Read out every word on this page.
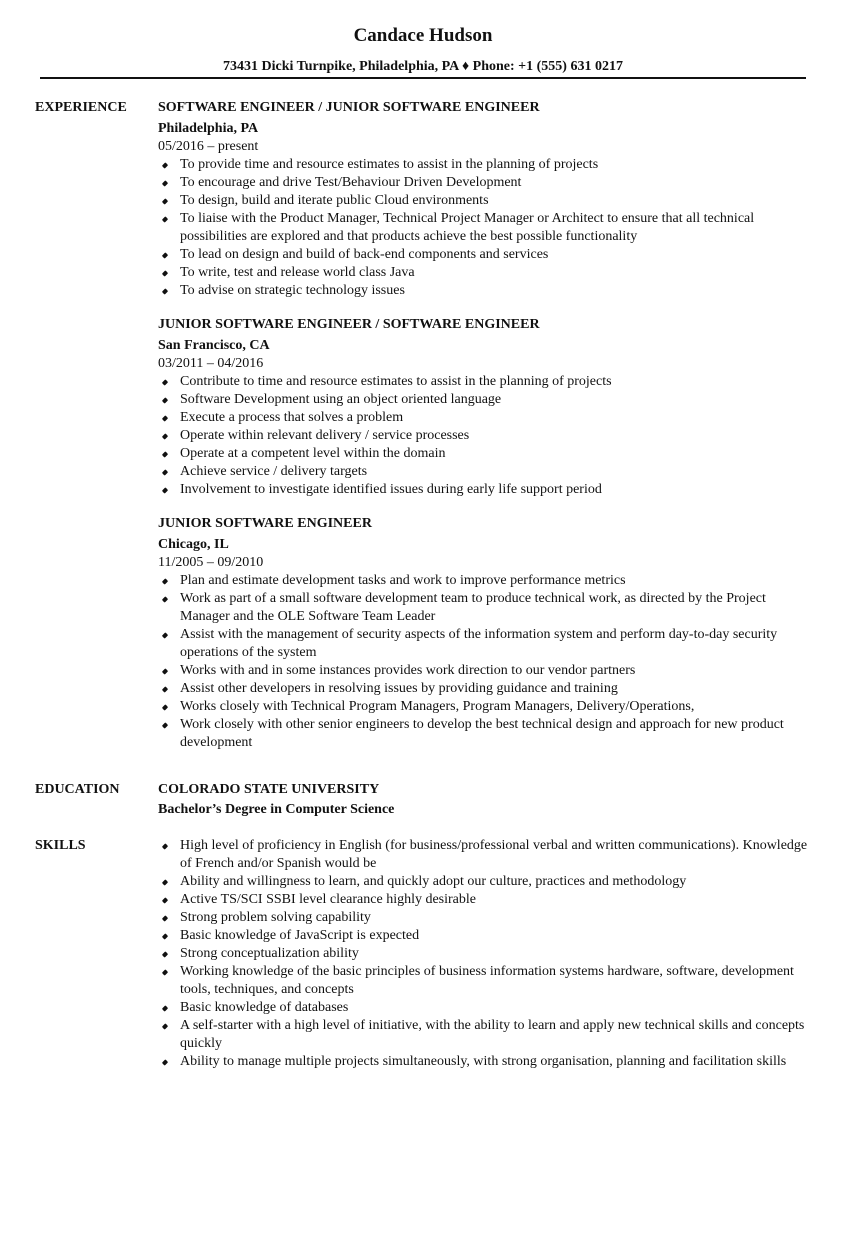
Candace Hudson
73431 Dicki Turnpike, Philadelphia, PA ♦ Phone: +1 (555) 631 0217
EXPERIENCE SOFTWARE ENGINEER / JUNIOR SOFTWARE ENGINEER
Philadelphia, PA
05/2016 – present
To provide time and resource estimates to assist in the planning of projects
To encourage and drive Test/Behaviour Driven Development
To design, build and iterate public Cloud environments
To liaise with the Product Manager, Technical Project Manager or Architect to ensure that all technical possibilities are explored and that products achieve the best possible functionality
To lead on design and build of back-end components and services
To write, test and release world class Java
To advise on strategic technology issues
JUNIOR SOFTWARE ENGINEER / SOFTWARE ENGINEER
San Francisco, CA
03/2011 – 04/2016
Contribute to time and resource estimates to assist in the planning of projects
Software Development using an object oriented language
Execute a process that solves a problem
Operate within relevant delivery / service processes
Operate at a competent level within the domain
Achieve service / delivery targets
Involvement to investigate identified issues during early life support period
JUNIOR SOFTWARE ENGINEER
Chicago, IL
11/2005 – 09/2010
Plan and estimate development tasks and work to improve performance metrics
Work as part of a small software development team to produce technical work, as directed by the Project Manager and the OLE Software Team Leader
Assist with the management of security aspects of the information system and perform day-to-day security operations of the system
Works with and in some instances provides work direction to our vendor partners
Assist other developers in resolving issues by providing guidance and training
Works closely with Technical Program Managers, Program Managers, Delivery/Operations,
Work closely with other senior engineers to develop the best technical design and approach for new product development
EDUCATION	COLORADO STATE UNIVERSITY
Bachelor’s Degree in Computer Science
SKILLS	High level of proficiency in English (for business/professional verbal and written communications). Knowledge of French and/or Spanish would be
Ability and willingness to learn, and quickly adopt our culture, practices and methodology
Active TS/SCI SSBI level clearance highly desirable
Strong problem solving capability
Basic knowledge of JavaScript is expected
Strong conceptualization ability
Working knowledge of the basic principles of business information systems hardware, software, development tools, techniques, and concepts
Basic knowledge of databases
A self-starter with a high level of initiative, with the ability to learn and apply new technical skills and concepts quickly
Ability to manage multiple projects simultaneously, with strong organisation, planning and facilitation skills
